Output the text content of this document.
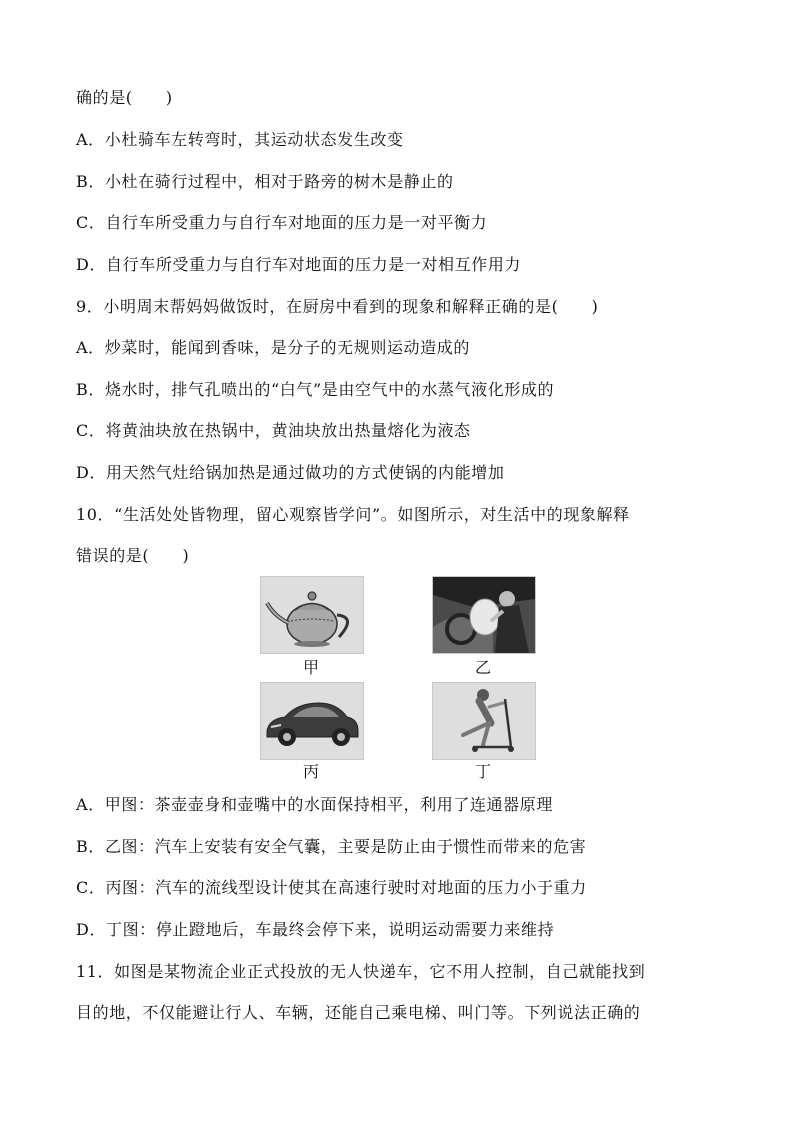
确的是(　　)
A．小杜骑车左转弯时，其运动状态发生改变
B．小杜在骑行过程中，相对于路旁的树木是静止的
C．自行车所受重力与自行车对地面的压力是一对平衡力
D．自行车所受重力与自行车对地面的压力是一对相互作用力
9．小明周末帮妈妈做饭时，在厨房中看到的现象和解释正确的是(　　)
A．炒菜时，能闻到香味，是分子的无规则运动造成的
B．烧水时，排气孔喷出的“白气”是由空气中的水蒸气液化形成的
C．将黄油块放在热锅中，黄油块放出热量熔化为液态
D．用天然气灶给锅加热是通过做功的方式使锅的内能增加
10．“生活处处皆物理，留心观察皆学问”。如图所示，对生活中的现象解释
错误的是(　　)
甲	乙
丙	丁
A．甲图：茶壶壶身和壶嘴中的水面保持相平，利用了连通器原理
B．乙图：汽车上安装有安全气囊，主要是防止由于惯性而带来的危害
C．丙图：汽车的流线型设计使其在高速行驶时对地面的压力小于重力
D．丁图：停止蹬地后，车最终会停下来，说明运动需要力来维持
11．如图是某物流企业正式投放的无人快递车，它不用人控制，自己就能找到
目的地，不仅能避让行人、车辆，还能自己乘电梯、叫门等。下列说法正确的
